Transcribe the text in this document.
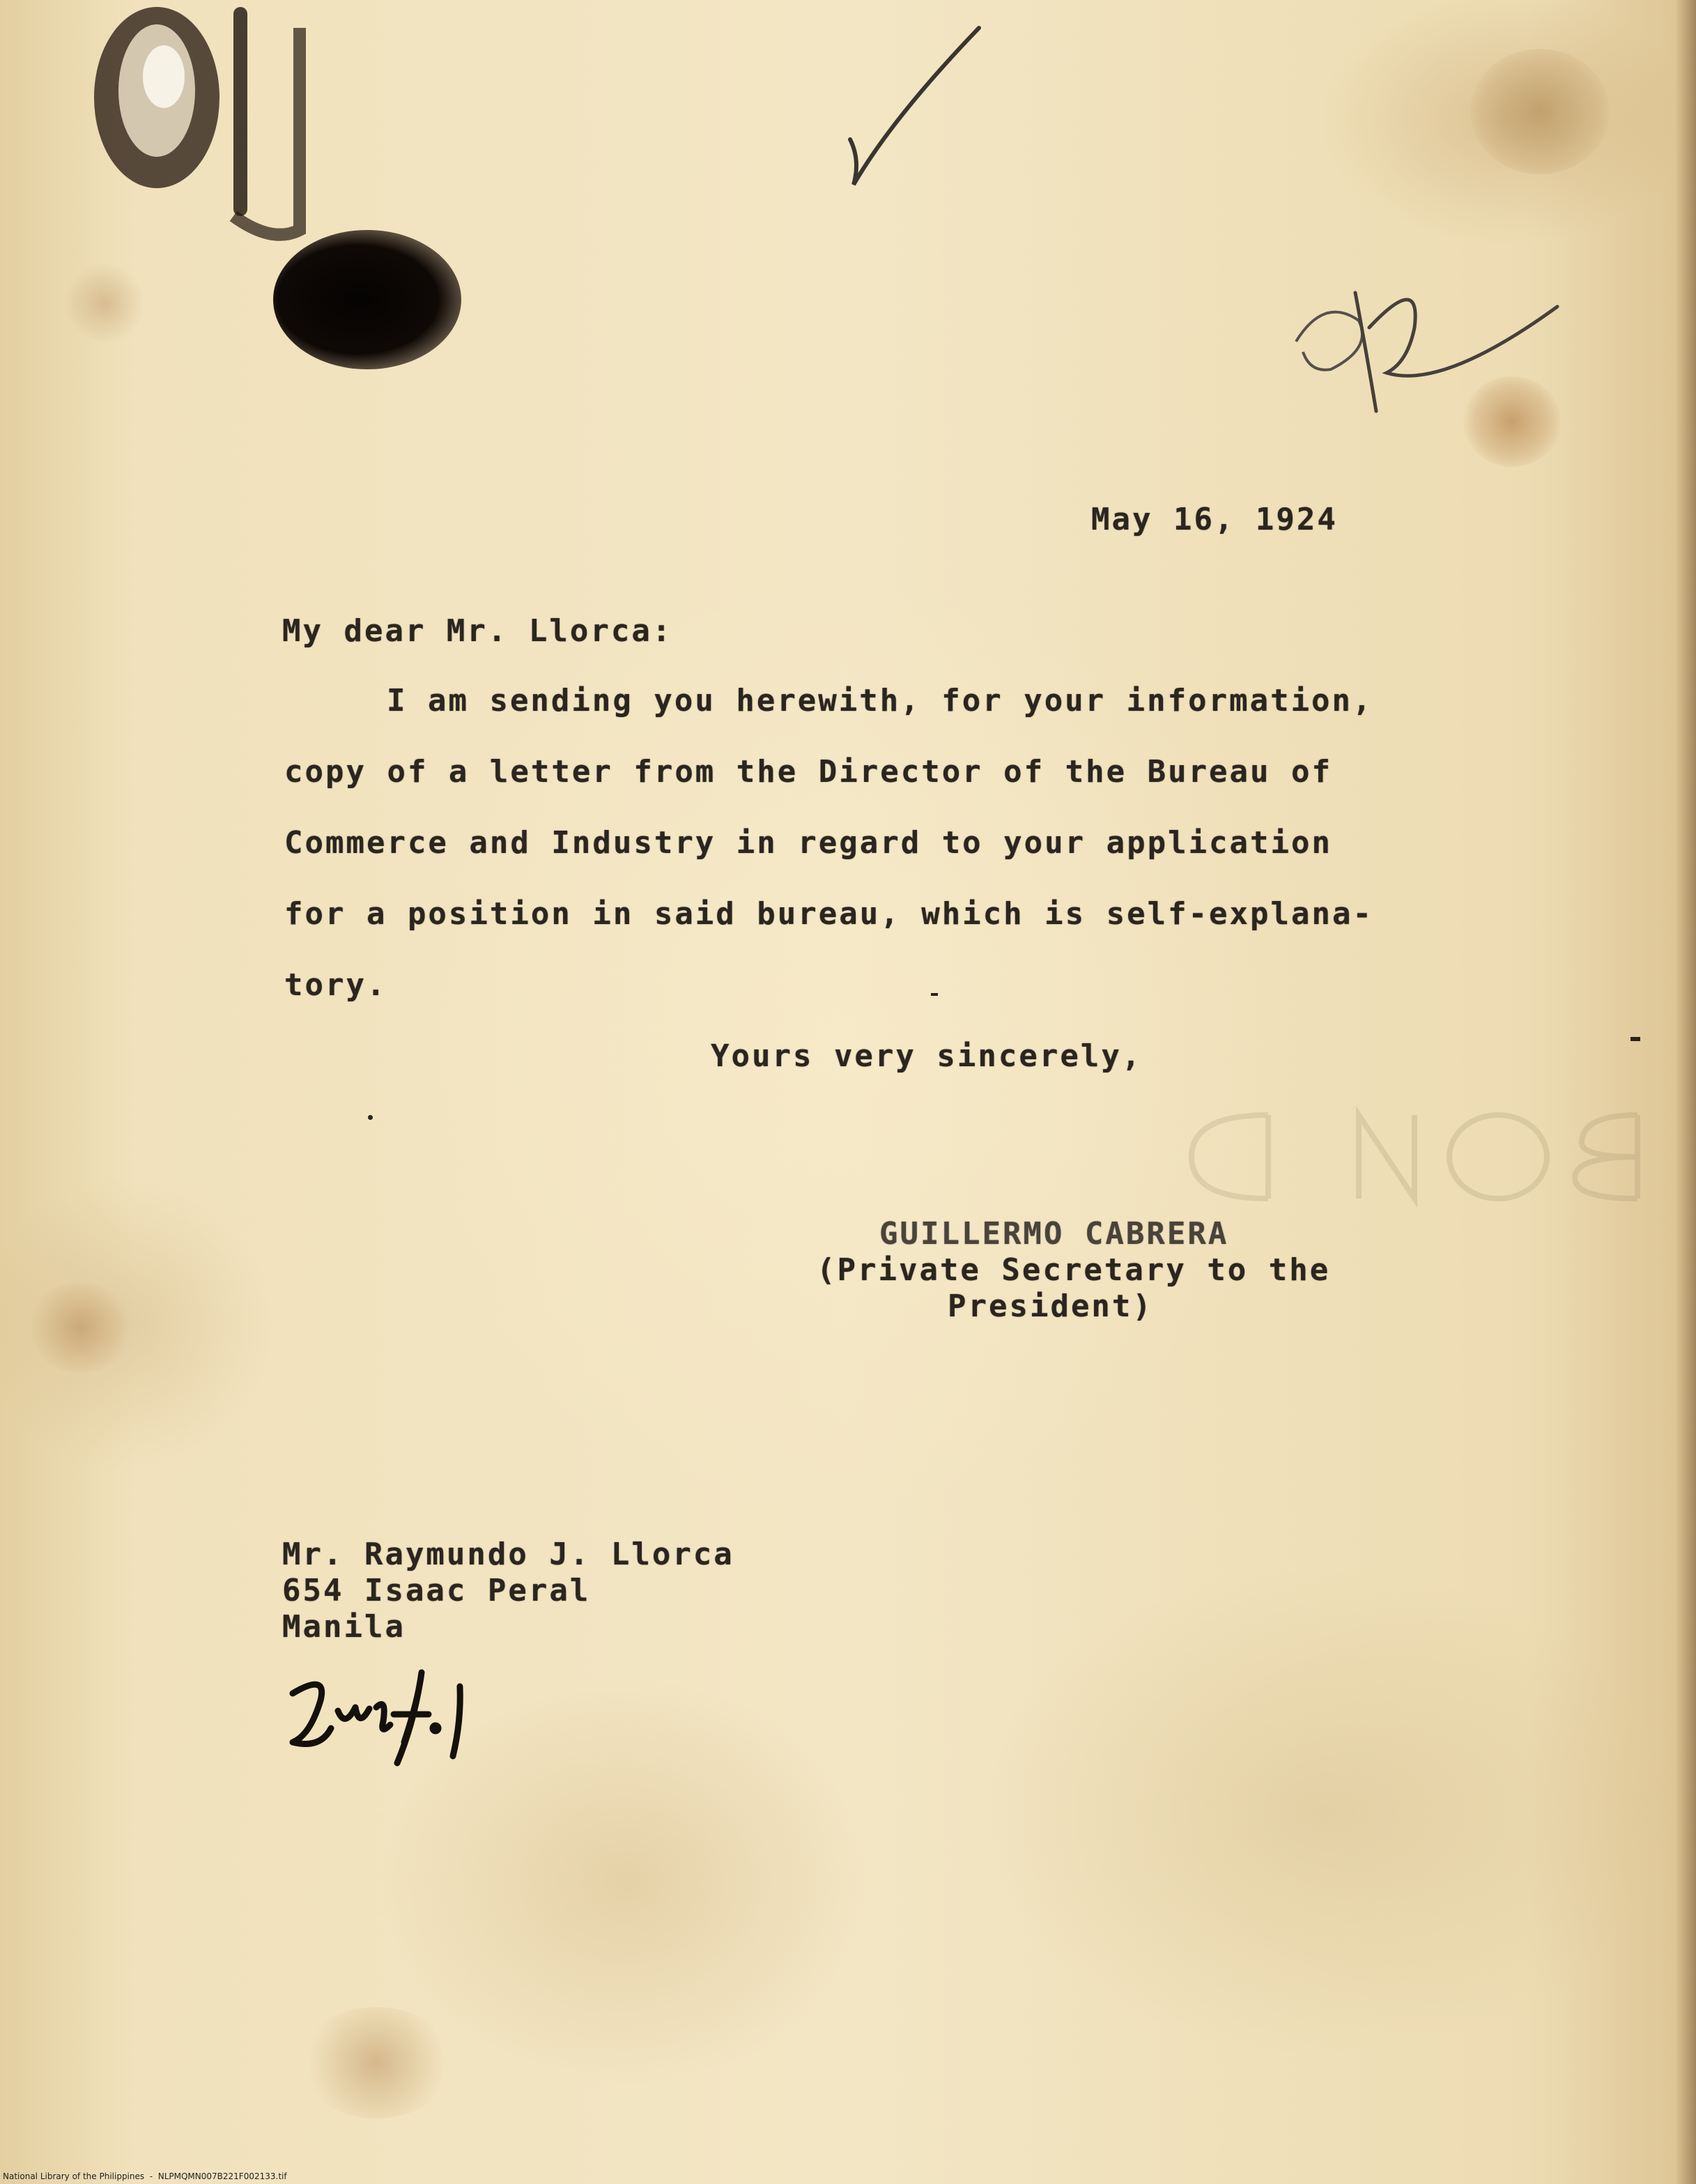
May 16, 1924
My dear Mr. Llorca:
I am sending you herewith, for your information,
copy of a letter from the Director of the Bureau of
Commerce and Industry in regard to your application
for a position in said bureau, which is self-explana-
tory.
Yours very sincerely,
GUILLERMO CABRERA
(Private Secretary to the
President)
Mr. Raymundo J. Llorca
654 Isaac Peral
Manila
National Library of the Philippines  -  NLPMQMN007B221F002133.tif
